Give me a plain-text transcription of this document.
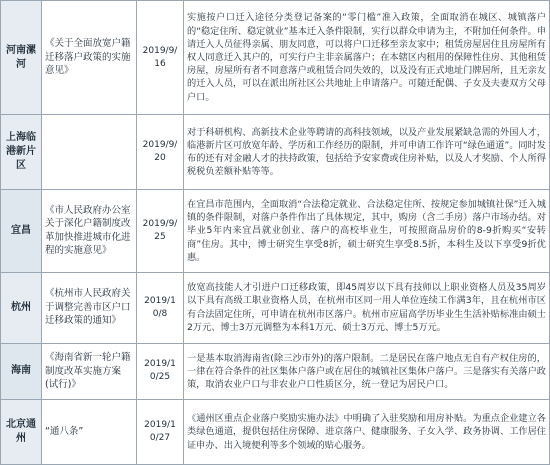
河南漯河	《关于全面放宽户籍迁移落户政策的实施意见》	2019/9/16	实施按户口迁入途径分类登记备案的“零门槛”准入政策，全面取消在城区、城镇落户的“稳定住所、稳定就业”基本迁入条件限制，实行以群众申请为主，不附加任何条件。申请迁入人员征得亲属、朋友同意，可以将户口迁移至亲友家中；租赁房屋居住且房屋所有权人同意迁入其户的，可实行户主非亲属落户；在本辖区内租用的保障性住房、其他租赁房屋，房屋所有者不同意落户或租赁合同失效的，以及没有正式地址门牌居所，且无亲友的迁入人员，可以在派出所社区公共地址上申请落户。可随迁配偶、子女及夫妻双方父母户口。
上海临港新片区		2019/9/20	对于科研机构、高新技术企业等聘请的高科技领域，以及产业发展紧缺急需的外国人才，临港新片区可放宽年龄、学历和工作经历的限制，并可申请工作许可“绿色通道”。同时发布的还有对金融人才的扶持政策，包括给予安家费或住房补贴，以及人才奖励、个人所得税税负差额补贴等等。
宜昌	《市人民政府办公室关于深化户籍制度改革加快推进城市化进程的实施意见》	2019/9/25	在宜昌市范围内，全面取消“合法稳定就业、合法稳定住所、按规定参加城镇社保”迁入城镇的条件限制，对落户条件作出了具体规定，其中，购房（含二手房）落户市场办结。对毕业5年内来宜昌就业创业、落户的高校毕业生，可按照商品房价的8-9折购买“安转商”住房。其中，博士研究生享受8折，硕士研究生享受8.5折，本科生及以下享受9折优惠。
杭州	《杭州市人民政府关于调整完善市区户口迁移政策的通知》	2019/10/8	放宽高技能人才引进户口迁移政策，即45周岁以下具有技师以上职业资格人员及35周岁以下具有高级工职业资格人员，在杭州市区同一用人单位连续工作满3年，且在杭州市区有合法固定住所，可申请在杭州市区落户。杭州市应届高学历毕业生生活补贴标准由硕士2万元、博士3万元调整为本科1万元、硕士3万元、博士5万元。
海南	《海南省新一轮户籍制度改革实施方案(试行)》	2019/10/25	一是基本取消海南省(除三沙市外)的落户限制。二是居民在落户地点无自有产权住房的，一律在符合条件的社区集体户落户或在居住的城镇社区集体户落户。三是落实有关落户政策，取消农业户口与非农业户口性质区分，统一登记为居民户口。
北京通州	“通八条”	2019/10/27	《通州区重点企业落户奖励实施办法》中明确了入驻奖励和用房补贴。为重点企业建立各类绿色通道，提供包括住房保障、进京落户、健康服务、子女入学、政务协调、工作居住证申办、出入境便利等多个领域的贴心服务。
